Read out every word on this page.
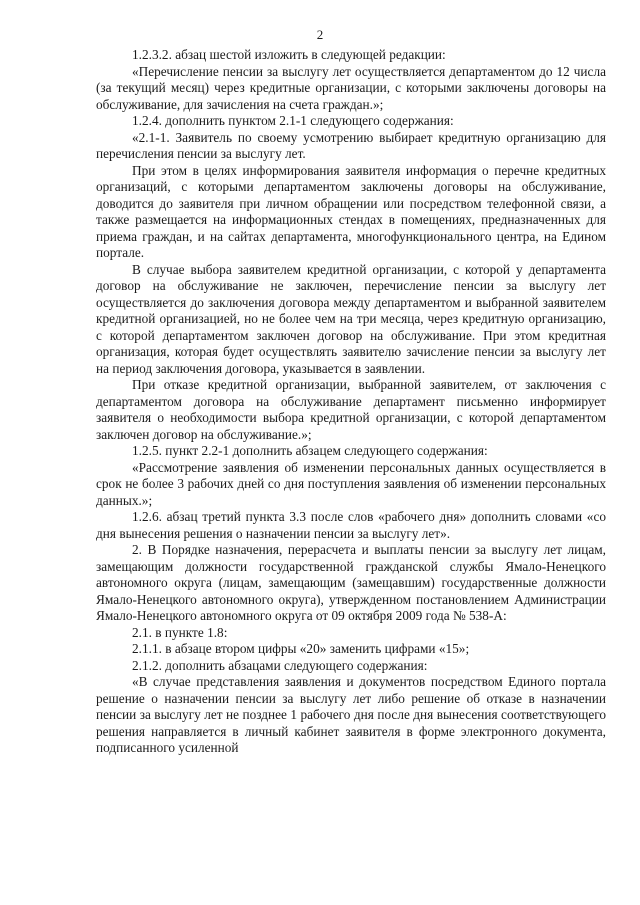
2

1.2.3.2. абзац шестой изложить в следующей редакции:

«Перечисление пенсии за выслугу лет осуществляется департаментом до 12 числа (за текущий месяц) через кредитные организации, с которыми заключены договоры на обслуживание, для зачисления на счета граждан.»;

1.2.4. дополнить пунктом 2.1-1 следующего содержания:

«2.1-1. Заявитель по своему усмотрению выбирает кредитную организацию для перечисления пенсии за выслугу лет.

При этом в целях информирования заявителя информация о перечне кредитных организаций, с которыми департаментом заключены договоры на обслуживание, доводится до заявителя при личном обращении или посредством телефонной связи, а также размещается на информационных стендах в помещениях, предназначенных для приема граждан, и на сайтах департамента, многофункционального центра, на Едином портале.

В случае выбора заявителем кредитной организации, с которой у департамента договор на обслуживание не заключен, перечисление пенсии за выслугу лет осуществляется до заключения договора между департаментом и выбранной заявителем кредитной организацией, но не более чем на три месяца, через кредитную организацию, с которой департаментом заключен договор на обслуживание. При этом кредитная организация, которая будет осуществлять заявителю зачисление пенсии за выслугу лет на период заключения договора, указывается в заявлении.

При отказе кредитной организации, выбранной заявителем, от заключения с департаментом договора на обслуживание департамент письменно информирует заявителя о необходимости выбора кредитной организации, с которой департаментом заключен договор на обслуживание.»;

1.2.5. пункт 2.2-1 дополнить абзацем следующего содержания:

«Рассмотрение заявления об изменении персональных данных осуществляется в срок не более 3 рабочих дней со дня поступления заявления об изменении персональных данных.»;

1.2.6. абзац третий пункта 3.3 после слов «рабочего дня» дополнить словами «со дня вынесения решения о назначении пенсии за выслугу лет».

2. В Порядке назначения, перерасчета и выплаты пенсии за выслугу лет лицам, замещающим должности государственной гражданской службы Ямало-Ненецкого автономного округа (лицам, замещающим (замещавшим) государственные должности Ямало-Ненецкого автономного округа), утвержденном постановлением Администрации Ямало-Ненецкого автономного округа от 09 октября 2009 года № 538-А:

2.1. в пункте 1.8:

2.1.1. в абзаце втором цифры «20» заменить цифрами «15»;

2.1.2. дополнить абзацами следующего содержания:

«В случае представления заявления и документов посредством Единого портала решение о назначении пенсии за выслугу лет либо решение об отказе в назначении пенсии за выслугу лет не позднее 1 рабочего дня после дня вынесения соответствующего решения направляется в личный кабинет заявителя в форме электронного документа, подписанного усиленной
